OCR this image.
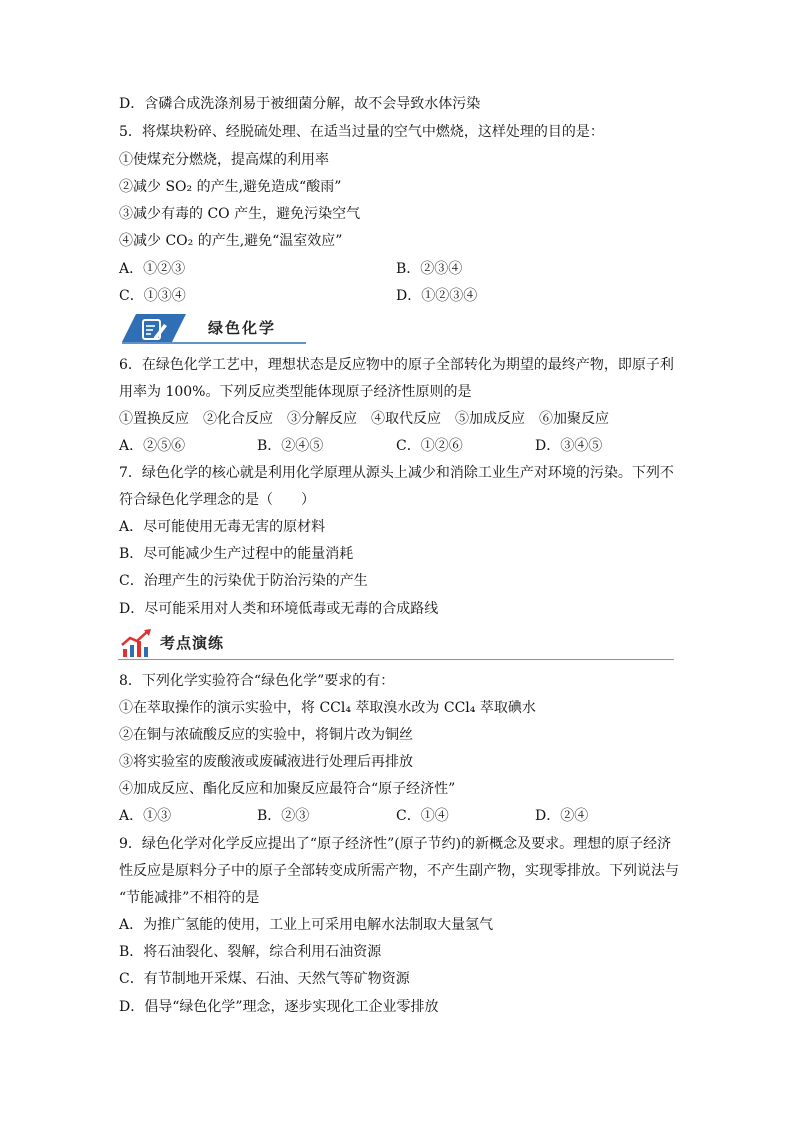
D．含磷合成洗涤剂易于被细菌分解，故不会导致水体污染
5．将煤块粉碎、经脱硫处理、在适当过量的空气中燃烧，这样处理的目的是：
①使煤充分燃烧，提高煤的利用率
②减少 SO₂ 的产生,避免造成“酸雨”
③减少有毒的 CO 产生，避免污染空气
④减少 CO₂ 的产生,避免“温室效应”
A．①②③	B．②③④
C．①③④	D．①②③④
绿色化学
6．在绿色化学工艺中，理想状态是反应物中的原子全部转化为期望的最终产物，即原子利
用率为 100%。下列反应类型能体现原子经济性原则的是
①置换反应　②化合反应　③分解反应　④取代反应　⑤加成反应　⑥加聚反应
A．②⑤⑥	B．②④⑤	C．①②⑥	D．③④⑤
7．绿色化学的核心就是利用化学原理从源头上减少和消除工业生产对环境的污染。下列不
符合绿色化学理念的是（　　）
A．尽可能使用无毒无害的原材料
B．尽可能减少生产过程中的能量消耗
C．治理产生的污染优于防治污染的产生
D．尽可能采用对人类和环境低毒或无毒的合成路线
考点演练
8．下列化学实验符合“绿色化学”要求的有：
①在萃取操作的演示实验中，将 CCl₄ 萃取溴水改为 CCl₄ 萃取碘水
②在铜与浓硫酸反应的实验中，将铜片改为铜丝
③将实验室的废酸液或废碱液进行处理后再排放
④加成反应、酯化反应和加聚反应最符合“原子经济性”
A．①③	B．②③	C．①④	D．②④
9．绿色化学对化学反应提出了“原子经济性”(原子节约)的新概念及要求。理想的原子经济
性反应是原料分子中的原子全部转变成所需产物，不产生副产物，实现零排放。下列说法与
“节能减排”不相符的是
A．为推广氢能的使用，工业上可采用电解水法制取大量氢气
B．将石油裂化、裂解，综合利用石油资源
C．有节制地开采煤、石油、天然气等矿物资源
D．倡导“绿色化学”理念，逐步实现化工企业零排放
